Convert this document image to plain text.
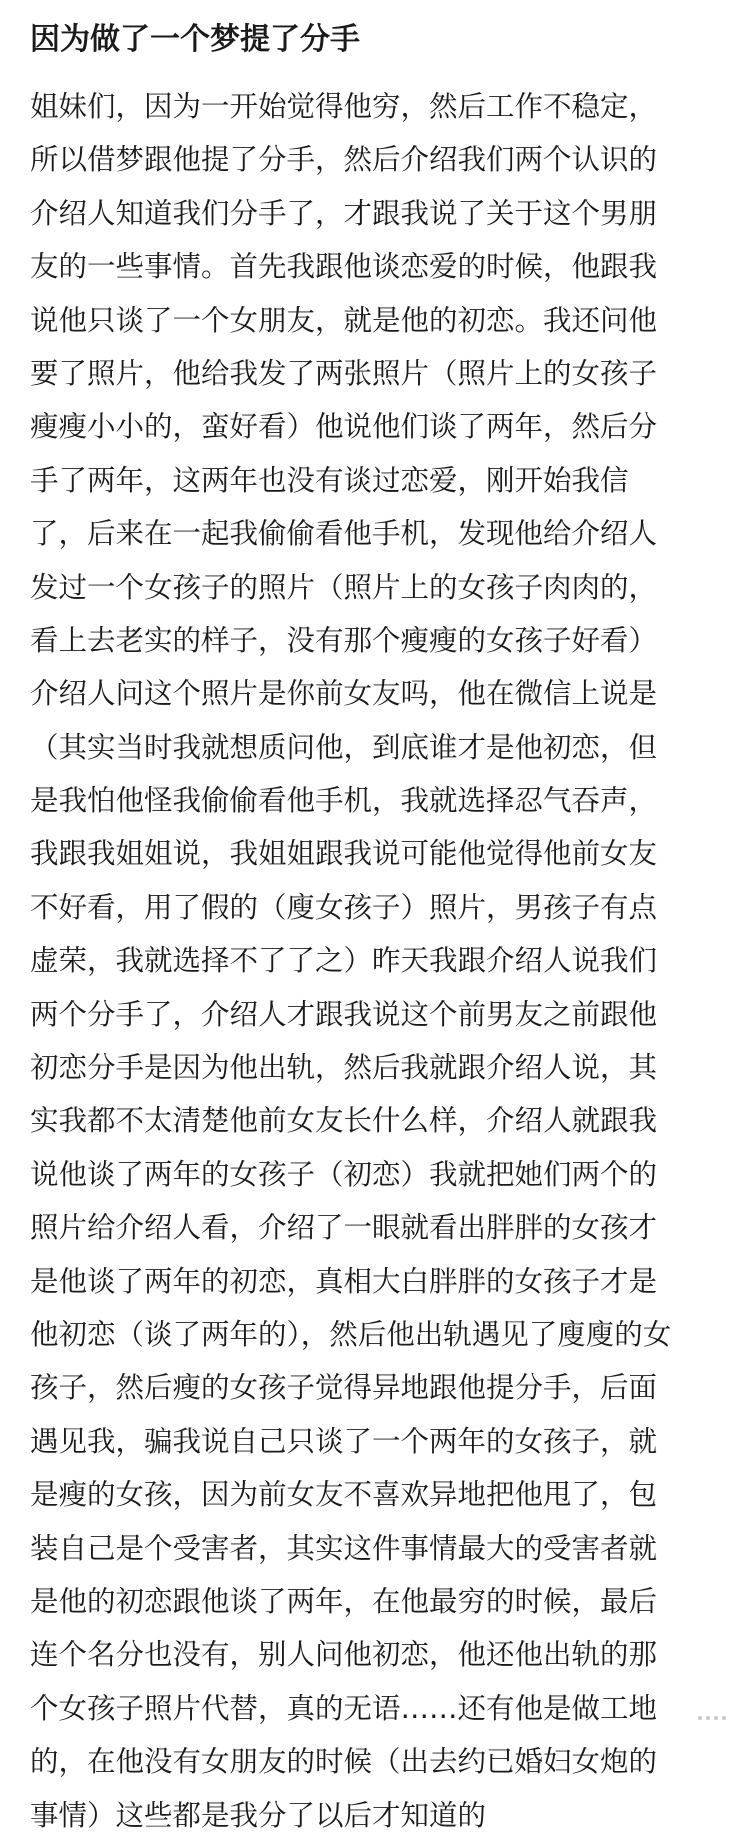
因为做了一个梦提了分手
姐妹们，因为一开始觉得他穷，然后工作不稳定，
所以借梦跟他提了分手，然后介绍我们两个认识的
介绍人知道我们分手了，才跟我说了关于这个男朋
友的一些事情。首先我跟他谈恋爱的时候，他跟我
说他只谈了一个女朋友，就是他的初恋。我还问他
要了照片，他给我发了两张照片（照片上的女孩子
瘦瘦小小的，蛮好看）他说他们谈了两年，然后分
手了两年，这两年也没有谈过恋爱，刚开始我信
了，后来在一起我偷偷看他手机，发现他给介绍人
发过一个女孩子的照片（照片上的女孩子肉肉的，
看上去老实的样子，没有那个瘦瘦的女孩子好看）
介绍人问这个照片是你前女友吗，他在微信上说是
（其实当时我就想质问他，到底谁才是他初恋，但
是我怕他怪我偷偷看他手机，我就选择忍气吞声，
我跟我姐姐说，我姐姐跟我说可能他觉得他前女友
不好看，用了假的（廋女孩子）照片，男孩子有点
虚荣，我就选择不了了之）昨天我跟介绍人说我们
两个分手了，介绍人才跟我说这个前男友之前跟他
初恋分手是因为他出轨，然后我就跟介绍人说，其
实我都不太清楚他前女友长什么样，介绍人就跟我
说他谈了两年的女孩子（初恋）我就把她们两个的
照片给介绍人看，介绍了一眼就看出胖胖的女孩才
是他谈了两年的初恋，真相大白胖胖的女孩子才是
他初恋（谈了两年的），然后他出轨遇见了廋廋的女
孩子，然后瘦的女孩子觉得异地跟他提分手，后面
遇见我，骗我说自己只谈了一个两年的女孩子，就
是瘦的女孩，因为前女友不喜欢异地把他甩了，包
装自己是个受害者，其实这件事情最大的受害者就
是他的初恋跟他谈了两年，在他最穷的时候，最后
连个名分也没有，别人问他初恋，他还他出轨的那
个女孩子照片代替，真的无语……还有他是做工地
的，在他没有女朋友的时候（出去约已婚妇女炮的
事情）这些都是我分了以后才知道的
